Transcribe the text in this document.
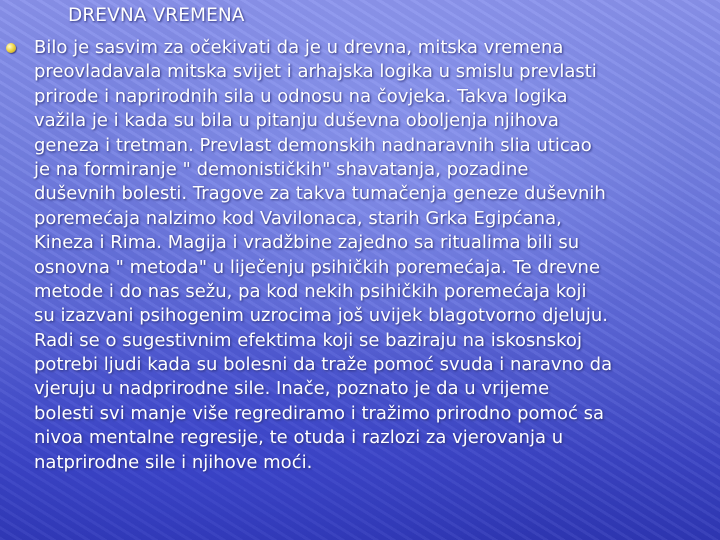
DREVNA VREMENA
Bilo je sasvim za očekivati da je u drevna, mitska vremena
preovladavala mitska svijet i arhajska logika u smislu prevlasti
prirode i naprirodnih sila u odnosu na čovjeka. Takva logika
važila je i kada su bila u pitanju duševna oboljenja njihova
geneza i tretman. Prevlast demonskih nadnaravnih slia uticao
je na formiranje " demonističkih" shavatanja, pozadine
duševnih bolesti. Tragove za takva tumačenja geneze duševnih
poremećaja nalzimo kod Vavilonaca, starih Grka Egipćana,
Kineza i Rima. Magija i vradžbine zajedno sa ritualima bili su
osnovna " metoda" u liječenju psihičkih poremećaja. Te drevne
metode i do nas sežu, pa kod nekih psihičkih poremećaja koji
su izazvani psihogenim uzrocima još uvijek blagotvorno djeluju.
Radi se o sugestivnim efektima koji se baziraju na iskosnskoj
potrebi ljudi kada su bolesni da traže pomoć svuda i naravno da
vjeruju u nadprirodne sile. Inače, poznato je da u vrijeme
bolesti svi manje više regrediramo i tražimo prirodno pomoć sa
nivoa mentalne regresije, te otuda i razlozi za vjerovanja u
natprirodne sile i njihove moći.
